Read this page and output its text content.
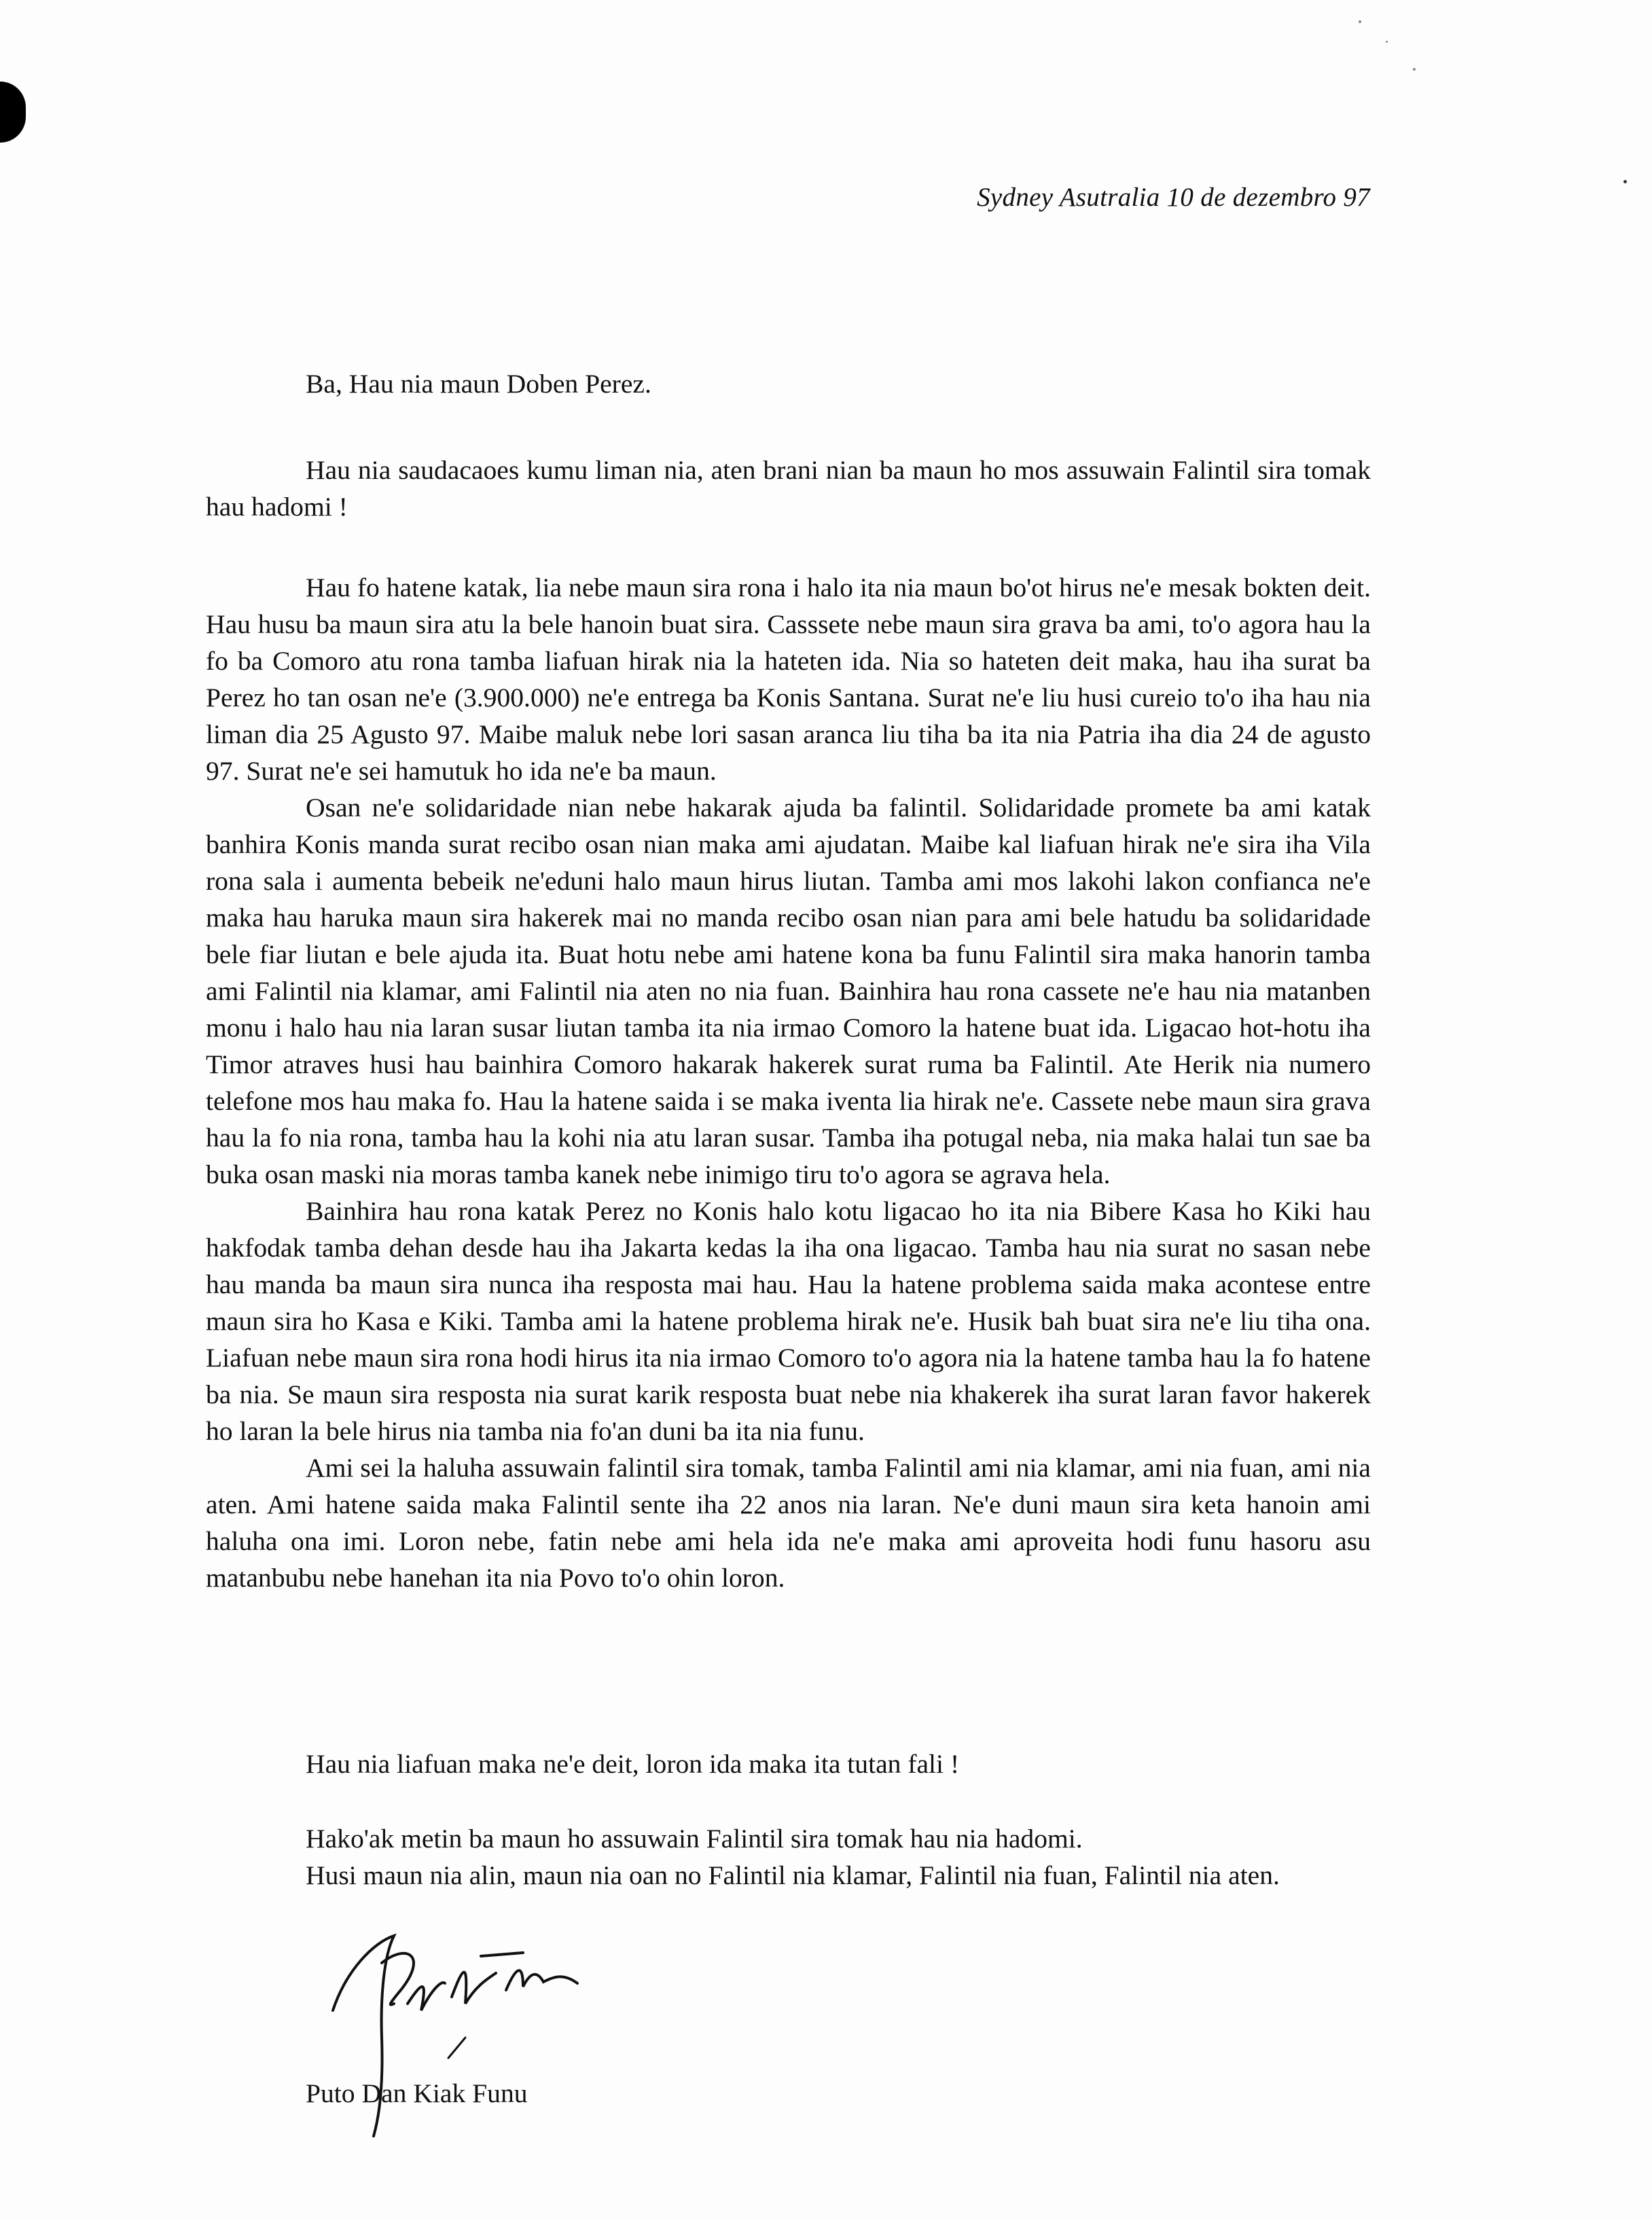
Sydney Asutralia 10 de dezembro 97
Ba, Hau nia maun Doben Perez.

Hau nia saudacaoes kumu liman nia, aten brani nian ba maun ho mos assuwain Falintil sira tomak hau hadomi !

Hau fo hatene katak, lia nebe maun sira rona i halo ita nia maun bo'ot hirus ne'e mesak bokten deit. Hau husu ba maun sira atu la bele hanoin buat sira. Casssete nebe maun sira grava ba ami, to'o agora hau la fo ba Comoro atu rona tamba liafuan hirak nia la hateten ida. Nia so hateten deit maka, hau iha surat ba Perez ho tan osan ne'e (3.900.000) ne'e entrega ba Konis Santana. Surat ne'e liu husi cureio to'o iha hau nia liman dia 25 Agusto 97. Maibe maluk nebe lori sasan aranca liu tiha ba ita nia Patria iha dia 24 de agusto 97. Surat ne'e sei hamutuk ho ida ne'e ba maun.

Osan ne'e solidaridade nian nebe hakarak ajuda ba falintil. Solidaridade promete ba ami katak banhira Konis manda surat recibo osan nian maka ami ajudatan. Maibe kal liafuan hirak ne'e sira iha Vila rona sala i aumenta bebeik ne'eduni halo maun hirus liutan. Tamba ami mos lakohi lakon confianca ne'e maka hau haruka maun sira hakerek mai no manda recibo osan nian para ami bele hatudu ba solidaridade bele fiar liutan e bele ajuda ita. Buat hotu nebe ami hatene kona ba funu Falintil sira maka hanorin tamba ami Falintil nia klamar, ami Falintil nia aten no nia fuan. Bainhira hau rona cassete ne'e hau nia matanben monu i halo hau nia laran susar liutan tamba ita nia irmao Comoro la hatene buat ida. Ligacao hot-hotu iha Timor atraves husi hau bainhira Comoro hakarak hakerek surat ruma ba Falintil. Ate Herik nia numero telefone mos hau maka fo. Hau la hatene saida i se maka iventa lia hirak ne'e. Cassete nebe maun sira grava hau la fo nia rona, tamba hau la kohi nia atu laran susar. Tamba iha potugal neba, nia maka halai tun sae ba buka osan maski nia moras tamba kanek nebe inimigo tiru to'o agora se agrava hela.

Bainhira hau rona katak Perez no Konis halo kotu ligacao ho ita nia Bibere Kasa ho Kiki hau hakfodak tamba dehan desde hau iha Jakarta kedas la iha ona ligacao. Tamba hau nia surat no sasan nebe hau manda ba maun sira nunca iha resposta mai hau. Hau la hatene problema saida maka acontese entre maun sira ho Kasa e Kiki. Tamba ami la hatene problema hirak ne'e. Husik bah buat sira ne'e liu tiha ona. Liafuan nebe maun sira rona hodi hirus ita nia irmao Comoro to'o agora nia la hatene tamba hau la fo hatene ba nia. Se maun sira resposta nia surat karik resposta buat nebe nia khakerek iha surat laran favor hakerek ho laran la bele hirus nia tamba nia fo'an duni ba ita nia funu.

Ami sei la haluha assuwain falintil sira tomak, tamba Falintil ami nia klamar, ami nia fuan, ami nia aten. Ami hatene saida maka Falintil sente iha 22 anos nia laran. Ne'e duni maun sira keta hanoin ami haluha ona imi. Loron nebe, fatin nebe ami hela ida ne'e maka ami aproveita hodi funu hasoru asu matanbubu nebe hanehan ita nia Povo to'o ohin loron.

Hau nia liafuan maka ne'e deit, loron ida maka ita tutan fali !
Hako'ak metin ba maun ho assuwain Falintil sira tomak hau nia hadomi.
Husi maun nia alin, maun nia oan no Falintil nia klamar, Falintil nia fuan, Falintil nia aten.
Puto Dan Kiak Funu
